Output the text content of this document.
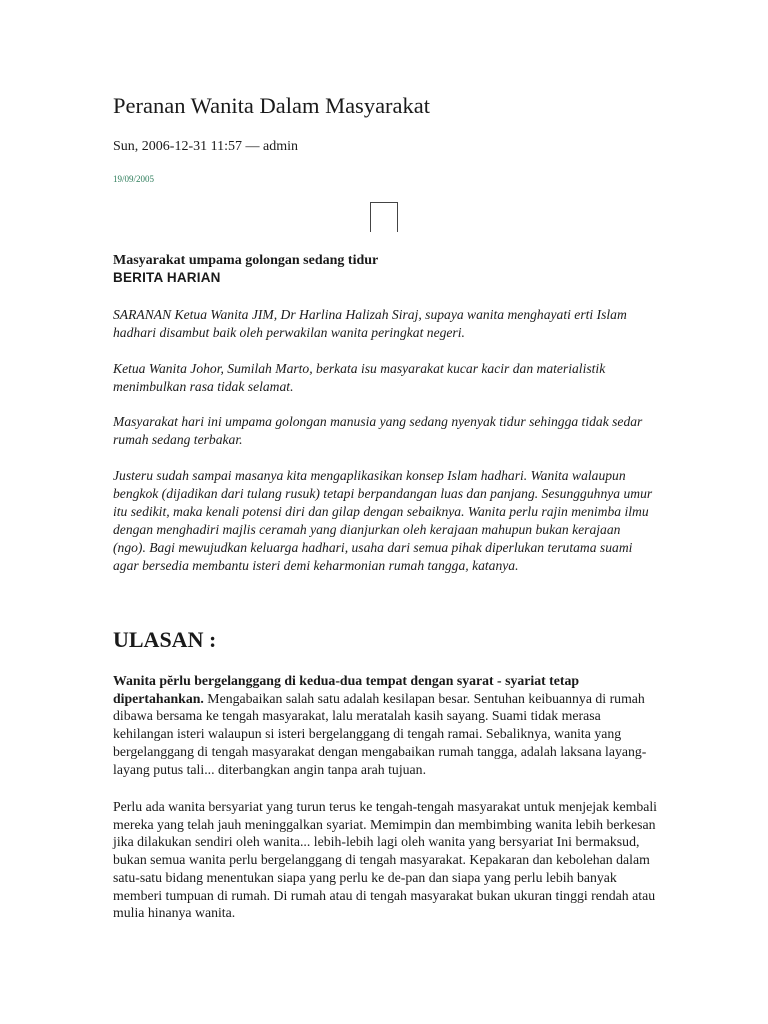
Peranan Wanita Dalam Masyarakat
Sun, 2006-12-31 11:57 — admin
19/09/2005
Masyarakat umpama golongan sedang tidur
BERITA HARIAN

SARANAN Ketua Wanita JIM, Dr Harlina Halizah Siraj, supaya wanita menghayati erti Islam hadhari disambut baik oleh perwakilan wanita peringkat negeri.

Ketua Wanita Johor, Sumilah Marto, berkata isu masyarakat kucar kacir dan materialistik menimbulkan rasa tidak selamat.

Masyarakat hari ini umpama golongan manusia yang sedang nyenyak tidur sehingga tidak sedar rumah sedang terbakar.

Justeru sudah sampai masanya kita mengaplikasikan konsep Islam hadhari. Wanita walaupun bengkok (dijadikan dari tulang rusuk) tetapi berpandangan luas dan panjang. Sesungguhnya umur itu sedikit, maka kenali potensi diri dan gilap dengan sebaiknya. Wanita perlu rajin menimba ilmu dengan menghadiri majlis ceramah yang dianjurkan oleh kerajaan mahupun bukan kerajaan (ngo). Bagi mewujudkan keluarga hadhari, usaha dari semua pihak diperlukan terutama suami agar bersedia membantu isteri demi keharmonian rumah tangga, katanya.

ULASAN :

Wanita pĕrlu bergelanggang di kedua-dua tempat dengan syarat - syariat tetap dipertahankan. Mengabaikan salah satu adalah kesilapan besar. Sentuhan keibuannya di rumah dibawa bersama ke tengah masyarakat, lalu meratalah kasih sayang. Suami tidak merasa kehilangan isteri walaupun si isteri bergelanggang di tengah ramai. Sebaliknya, wanita yang bergelanggang di tengah masyarakat dengan mengabaikan rumah tangga, adalah laksana layang-layang putus tali... diterbangkan angin tanpa arah tujuan.

Perlu ada wanita bersyariat yang turun terus ke tengah-tengah masyarakat untuk menjejak kembali mereka yang telah jauh meninggalkan syariat. Memimpin dan membimbing wanita lebih berkesan jika dilakukan sendiri oleh wanita... lebih-lebih lagi oleh wanita yang bersyariat Ini bermaksud, bukan semua wanita perlu bergelanggang di tengah masyarakat. Kepakaran dan kebolehan dalam satu-satu bidang menentukan siapa yang perlu ke de-pan dan siapa yang perlu lebih banyak memberi tumpuan di rumah. Di rumah atau di tengah masyarakat bukan ukuran tinggi rendah atau mulia hinanya wanita.
